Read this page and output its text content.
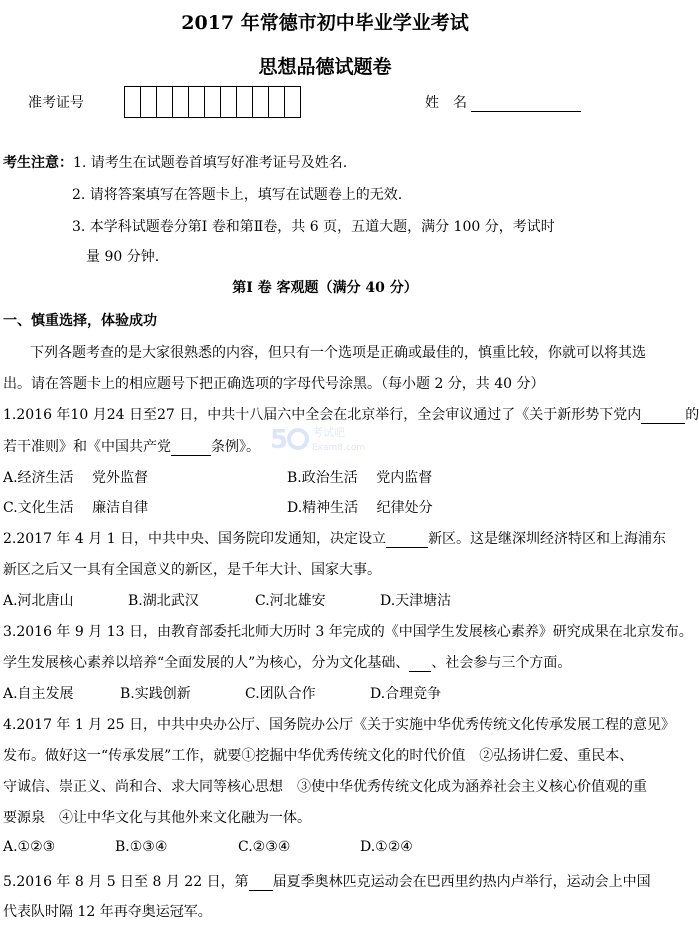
2017 年常德市初中毕业学业考试
思想品德试题卷
准考证号	姓　名
考生注意：1. 请考生在试题卷首填写好准考证号及姓名.
2. 请将答案填写在答题卡上，填写在试题卷上的无效.
3. 本学科试题卷分第Ⅰ 卷和第Ⅱ卷，共 6 页，五道大题，满分 100 分，考试时
量 90 分钟.
第Ⅰ 卷 客观题（满分 40 分）
一、慎重选择，体验成功
下列各题考查的是大家很熟悉的内容，但只有一个选项是正确或最佳的，慎重比较，你就可以将其选
出。请在答题卡上的相应题号下把正确选项的字母代号涂黑。（每小题 2 分，共 40 分）
1.2016 年10 月24 日至27 日，中共十八届六中全会在北京举行，全会审议通过了《关于新形势下党内	的
若干准则》和《中国共产党	条例》。
A.经济生活　 党外监督	B.政治生活　 党内监督
C.文化生活　 廉洁自律	D.精神生活　 纪律处分
2.2017 年 4 月 1 日，中共中央、国务院印发通知，决定设立	新区。这是继深圳经济特区和上海浦东
新区之后又一具有全国意义的新区，是千年大计、国家大事。
A.河北唐山	B.湖北武汉	C.河北雄安	D.天津塘沽
3.2016 年 9 月 13 日，由教育部委托北师大历时 3 年完成的《中国学生发展核心素养》研究成果在北京发布。
学生发展核心素养以培养“全面发展的人”为核心，分为文化基础、 、社会参与三个方面。
A.自主发展	B.实践创新	C.团队合作	D.合理竞争
4.2017 年 1 月 25 日，中共中央办公厅、国务院办公厅《关于实施中华优秀传统文化传承发展工程的意见》
发布。做好这一“传承发展”工作，就要①挖掘中华优秀传统文化的时代价值　②弘扬讲仁爱、重民本、
守诚信、崇正义、尚和合、求大同等核心思想　③使中华优秀传统文化成为涵养社会主义核心价值观的重
要源泉　④让中华文化与其他外来文化融为一体。
A.①②③	B.①③④	C.②③④	D.①②④
5.2016 年 8 月 5 日至 8 月 22 日，第 届夏季奥林匹克运动会在巴西里约热内卢举行，运动会上中国
代表队时隔 12 年再夺奥运冠军。
5 考试吧
Exam8.com
